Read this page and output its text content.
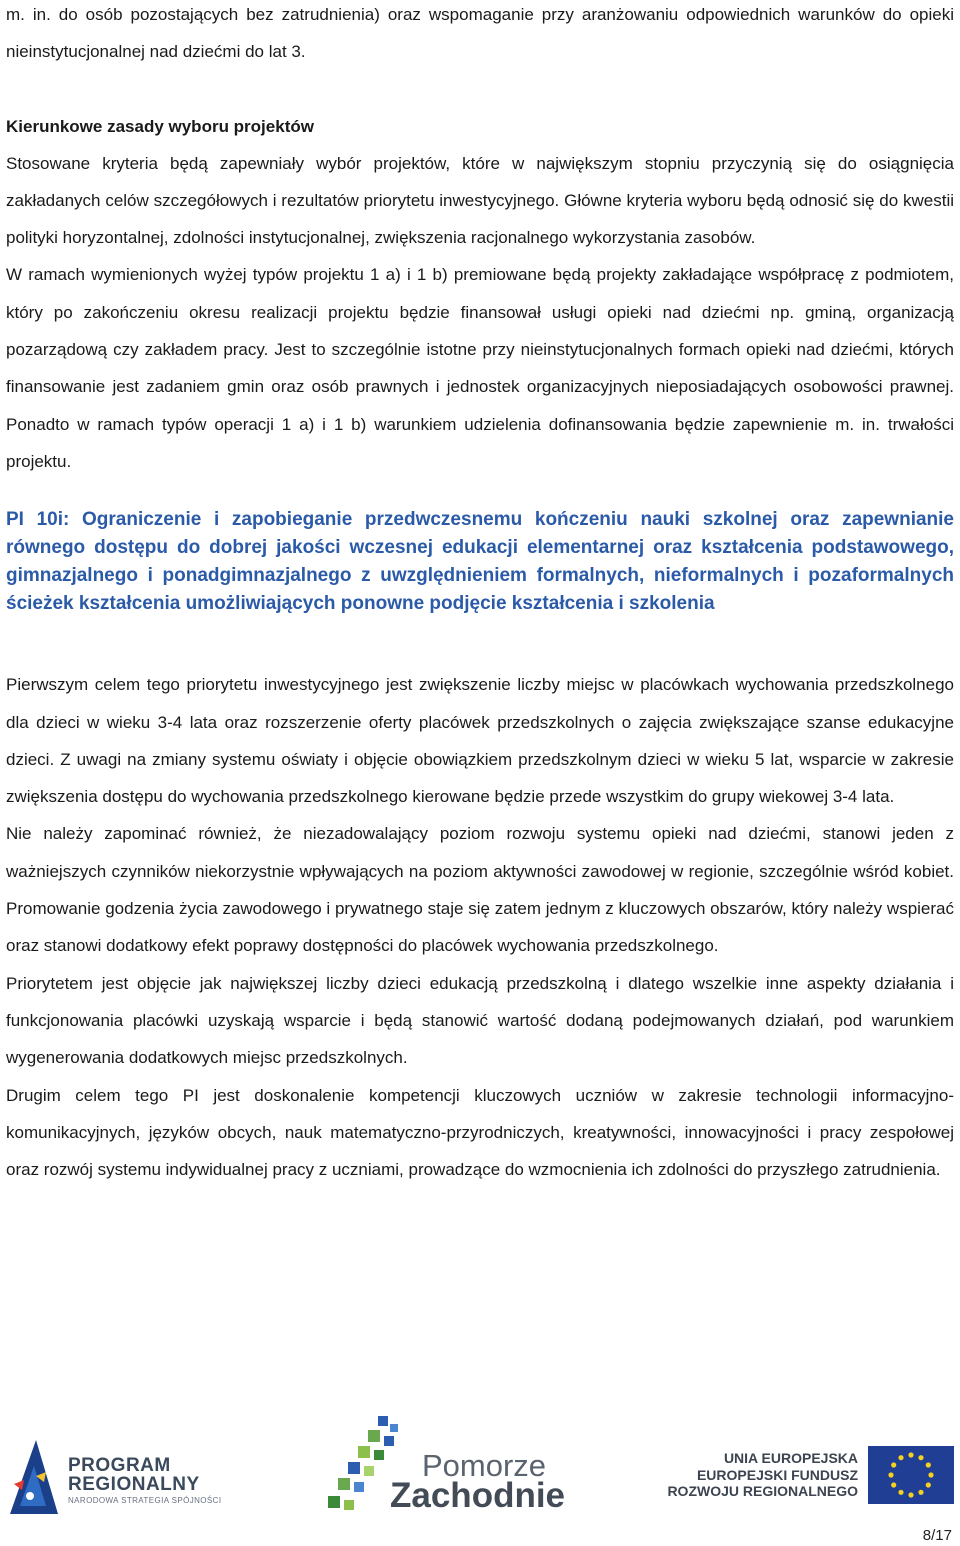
m. in. do osób pozostających bez zatrudnienia) oraz wspomaganie przy aranżowaniu odpowiednich warunków do opieki nieinstytucjonalnej nad dziećmi do lat 3.

Kierunkowe zasady wyboru projektów

Stosowane kryteria będą zapewniały wybór projektów, które w największym stopniu przyczynią się do osiągnięcia zakładanych celów szczegółowych i rezultatów priorytetu inwestycyjnego. Główne kryteria wyboru będą odnosić się do kwestii polityki horyzontalnej, zdolności instytucjonalnej, zwiększenia racjonalnego wykorzystania zasobów.

W ramach wymienionych wyżej typów projektu 1 a) i 1 b) premiowane będą projekty zakładające współpracę z podmiotem, który po zakończeniu okresu realizacji projektu będzie finansował usługi opieki nad dziećmi np. gminą, organizacją pozarządową czy zakładem pracy. Jest to szczególnie istotne przy nieinstytucjonalnych formach opieki nad dziećmi, których finansowanie jest zadaniem gmin oraz osób prawnych i jednostek organizacyjnych nieposiadających osobowości prawnej. Ponadto w ramach typów operacji 1 a) i 1 b) warunkiem udzielenia dofinansowania będzie zapewnienie m. in. trwałości projektu.

PI 10i: Ograniczenie i zapobieganie przedwczesnemu kończeniu nauki szkolnej oraz zapewnianie równego dostępu do dobrej jakości wczesnej edukacji elementarnej oraz kształcenia podstawowego, gimnazjalnego i ponadgimnazjalnego z uwzględnieniem formalnych, nieformalnych i pozaformalnych ścieżek kształcenia umożliwiających ponowne podjęcie kształcenia i szkolenia

Pierwszym celem tego priorytetu inwestycyjnego jest zwiększenie liczby miejsc w placówkach wychowania przedszkolnego dla dzieci w wieku 3-4 lata oraz rozszerzenie oferty placówek przedszkolnych o zajęcia zwiększające szanse edukacyjne dzieci. Z uwagi na zmiany systemu oświaty i objęcie obowiązkiem przedszkolnym dzieci w wieku 5 lat, wsparcie w zakresie zwiększenia dostępu do wychowania przedszkolnego kierowane będzie przede wszystkim do grupy wiekowej 3-4 lata.

Nie należy zapominać również, że niezadowalający poziom rozwoju systemu opieki nad dziećmi, stanowi jeden z ważniejszych czynników niekorzystnie wpływających na poziom aktywności zawodowej w regionie, szczególnie wśród kobiet. Promowanie godzenia życia zawodowego i prywatnego staje się zatem jednym z kluczowych obszarów, który należy wspierać oraz stanowi dodatkowy efekt poprawy dostępności do placówek wychowania przedszkolnego.

Priorytetem jest objęcie jak największej liczby dzieci edukacją przedszkolną i dlatego wszelkie inne aspekty działania i funkcjonowania placówki uzyskają wsparcie i będą stanowić wartość dodaną podejmowanych działań, pod warunkiem wygenerowania dodatkowych miejsc przedszkolnych.

Drugim celem tego PI jest doskonalenie kompetencji kluczowych uczniów w zakresie technologii informacyjno-komunikacyjnych, języków obcych, nauk matematyczno-przyrodniczych, kreatywności, innowacyjności i pracy zespołowej oraz rozwój systemu indywidualnej pracy z uczniami, prowadzące do wzmocnienia ich zdolności do przyszłego zatrudnienia.

PROGRAM
REGIONALNY
NARODOWA STRATEGIA SPÓJNOŚCI
Pomorze
Zachodnie
UNIA EUROPEJSKA
EUROPEJSKI FUNDUSZ
ROZWOJU REGIONALNEGO
8/17
